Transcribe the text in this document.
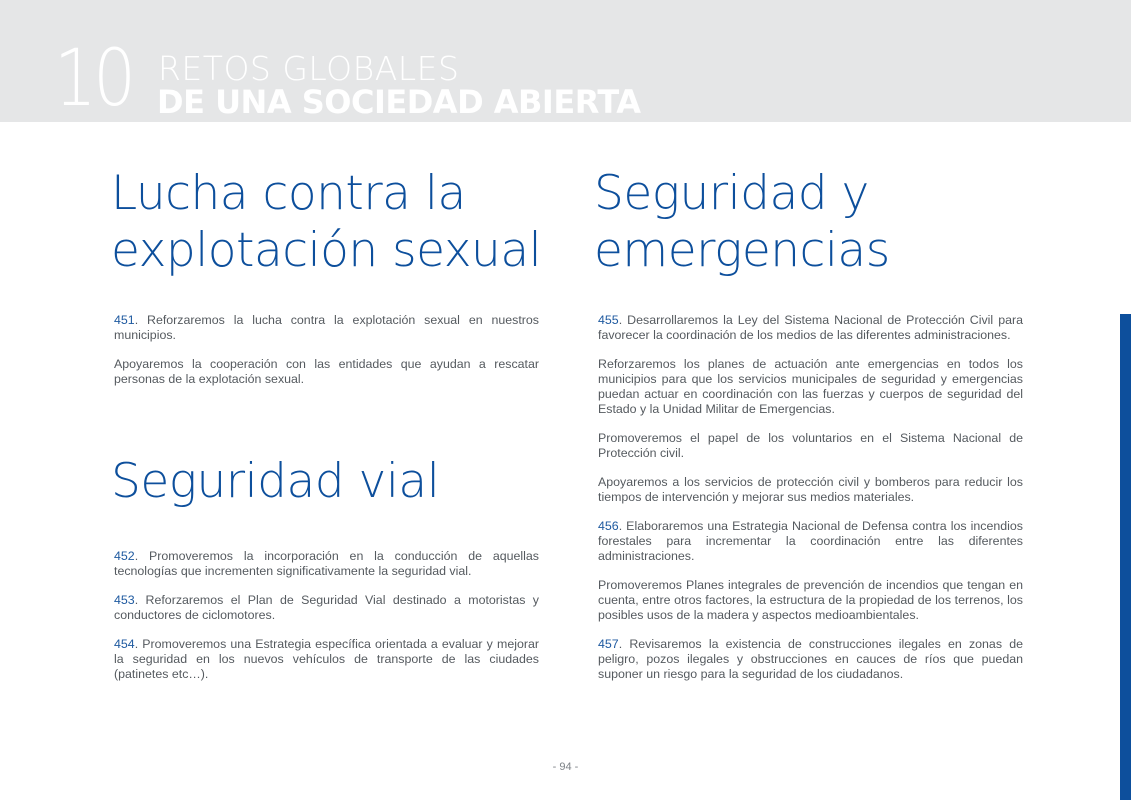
10 RETOS GLOBALES
DE UNA SOCIEDAD ABIERTA
Lucha contra la
explotación sexual

451. Reforzaremos la lucha contra la explotación sexual en nuestros municipios.

Apoyaremos la cooperación con las entidades que ayudan a rescatar personas de la explotación sexual.

Seguridad vial

452. Promoveremos la incorporación en la conducción de aquellas tecnologías que incrementen significativamente la seguridad vial.

453. Reforzaremos el Plan de Seguridad Vial destinado a motoristas y conductores de ciclomotores.

454. Promoveremos una Estrategia específica orientada a evaluar y mejorar la seguridad en los nuevos vehículos de transporte de las ciudades (patinetes etc…).

Seguridad y
emergencias

455. Desarrollaremos la Ley del Sistema Nacional de Protección Civil para favorecer la coordinación de los medios de las diferentes administraciones.

Reforzaremos los planes de actuación ante emergencias en todos los municipios para que los servicios municipales de seguridad y emergencias puedan actuar en coordinación con las fuerzas y cuerpos de seguridad del Estado y la Unidad Militar de Emergencias.

Promoveremos el papel de los voluntarios en el Sistema Nacional de Protección civil.

Apoyaremos a los servicios de protección civil y bomberos para reducir los tiempos de intervención y mejorar sus medios materiales.

456. Elaboraremos una Estrategia Nacional de Defensa contra los incendios forestales para incrementar la coordinación entre las diferentes administraciones.

Promoveremos Planes integrales de prevención de incendios que tengan en cuenta, entre otros factores, la estructura de la propiedad de los terrenos, los posibles usos de la madera y aspectos medioambientales.

457. Revisaremos la existencia de construcciones ilegales en zonas de peligro, pozos ilegales y obstrucciones en cauces de ríos que puedan suponer un riesgo para la seguridad de los ciudadanos.

- 94 -
